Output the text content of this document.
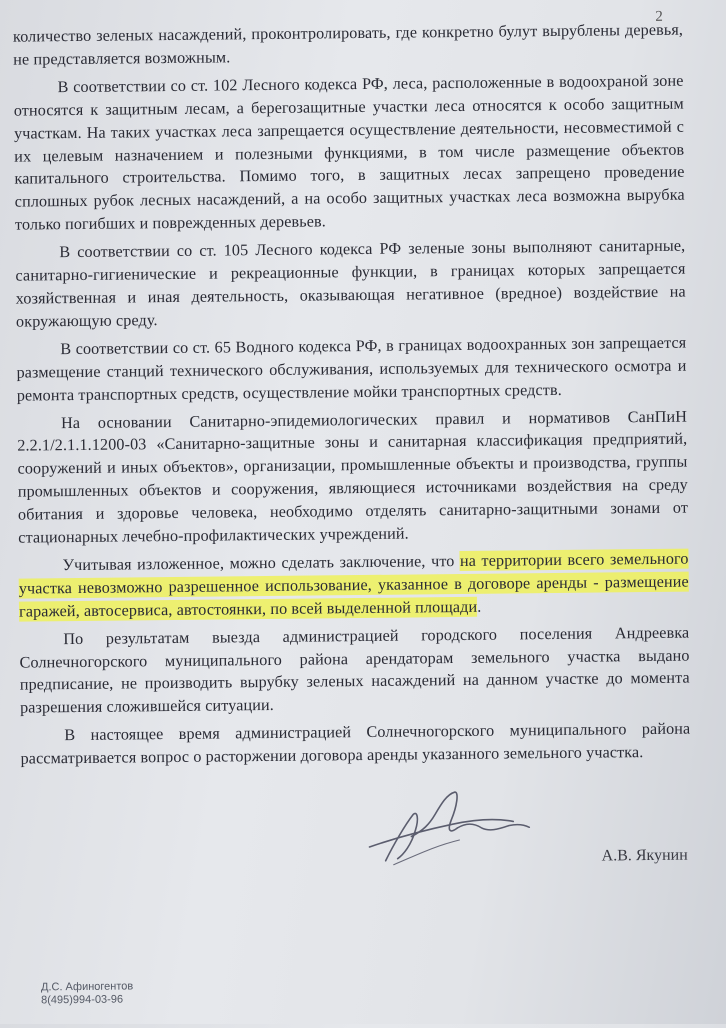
2

количество зеленых насаждений, проконтролировать, где конкретно булут вырублены деревья, не представляется возможным.

В соответствии со ст. 102 Лесного кодекса РФ, леса, расположенные в водоохраной зоне относятся к защитным лесам, а берегозащитные участки леса относятся к особо защитным участкам. На таких участках леса запрещается осуществление деятельности, несовместимой с их целевым назначением и полезными функциями, в том числе размещение объектов капитального строительства. Помимо того, в защитных лесах запрещено проведение сплошных рубок лесных насаждений, а на особо защитных участках леса возможна вырубка только погибших и поврежденных деревьев.

В соответствии со ст. 105 Лесного кодекса РФ зеленые зоны выполняют санитарные, санитарно-гигиенические и рекреационные функции, в границах которых запрещается хозяйственная и иная деятельность, оказывающая негативное (вредное) воздействие на окружающую среду.

В соответствии со ст. 65 Водного кодекса РФ, в границах водоохранных зон запрещается размещение станций технического обслуживания, используемых для технического осмотра и ремонта транспортных средств, осуществление мойки транспортных средств.

На основании Санитарно-эпидемиологических правил и нормативов СанПиН 2.2.1/2.1.1.1200-03 «Санитарно-защитные зоны и санитарная классификация предприятий, сооружений и иных объектов», организации, промышленные объекты и производства, группы промышленных объектов и сооружения, являющиеся источниками воздействия на среду обитания и здоровье человека, необходимо отделять санитарно-защитными зонами от стационарных лечебно-профилактических учреждений.

Учитывая изложенное, можно сделать заключение, что на территории всего земельного участка невозможно разрешенное использование, указанное в договоре аренды - размещение гаражей, автосервиса, автостоянки, по всей выделенной площади.

По результатам выезда администрацией городского поселения Андреевка Солнечногорского муниципального района арендаторам земельного участка выдано предписание, не производить вырубку зеленых насаждений на данном участке до момента разрешения сложившейся ситуации.

В настоящее время администрацией Солнечногорского муниципального района рассматривается вопрос о расторжении договора аренды указанного земельного участка.

А.В. Якунин
Д.С. Афиногентов
8(495)994-03-96
